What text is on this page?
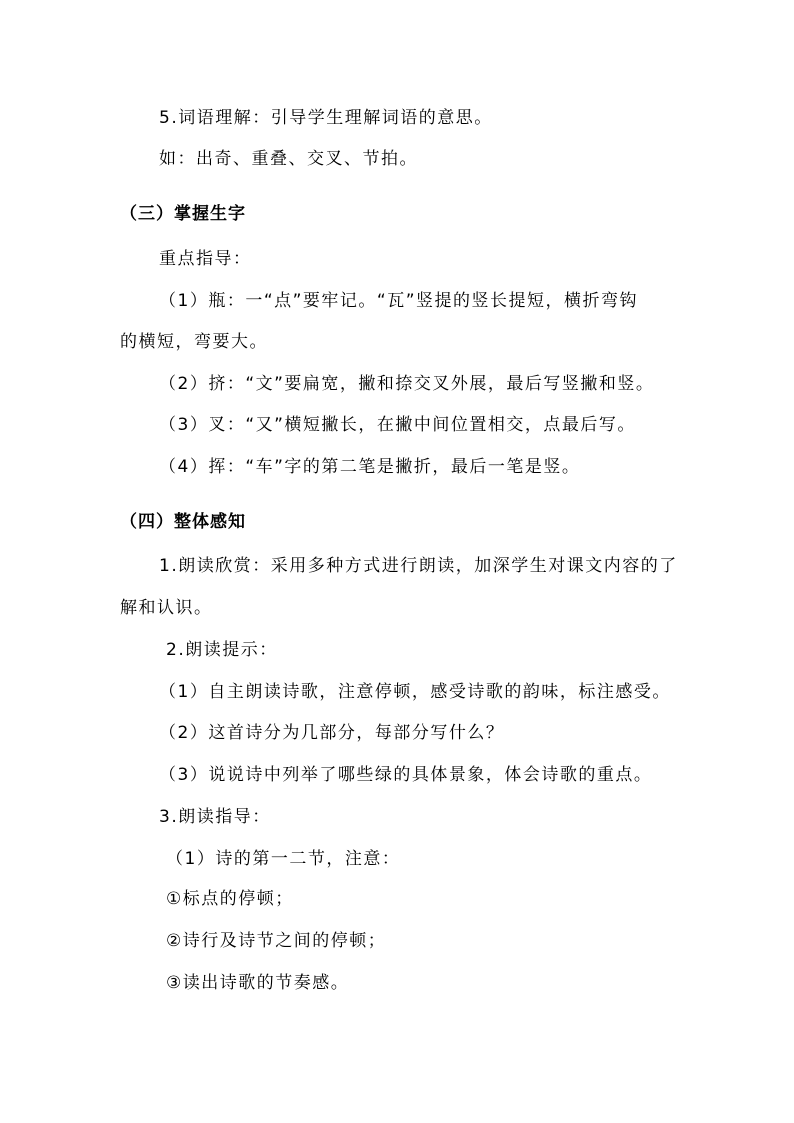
5.词语理解：引导学生理解词语的意思。
如：出奇、重叠、交叉、节拍。
（三）掌握生字
重点指导：
（1）瓶：一“点”要牢记。“瓦”竖提的竖长提短，横折弯钩
的横短，弯要大。
（2）挤：“文”要扁宽，撇和捺交叉外展，最后写竖撇和竖。
（3）叉：“又”横短撇长，在撇中间位置相交，点最后写。
（4）挥：“车”字的第二笔是撇折，最后一笔是竖。
（四）整体感知
1.朗读欣赏：采用多种方式进行朗读，加深学生对课文内容的了
解和认识。
2.朗读提示：
（1）自主朗读诗歌，注意停顿，感受诗歌的韵味，标注感受。
（2）这首诗分为几部分，每部分写什么？
（3）说说诗中列举了哪些绿的具体景象，体会诗歌的重点。
3.朗读指导：
（1）诗的第一二节，注意：
①标点的停顿；
②诗行及诗节之间的停顿；
③读出诗歌的节奏感。
